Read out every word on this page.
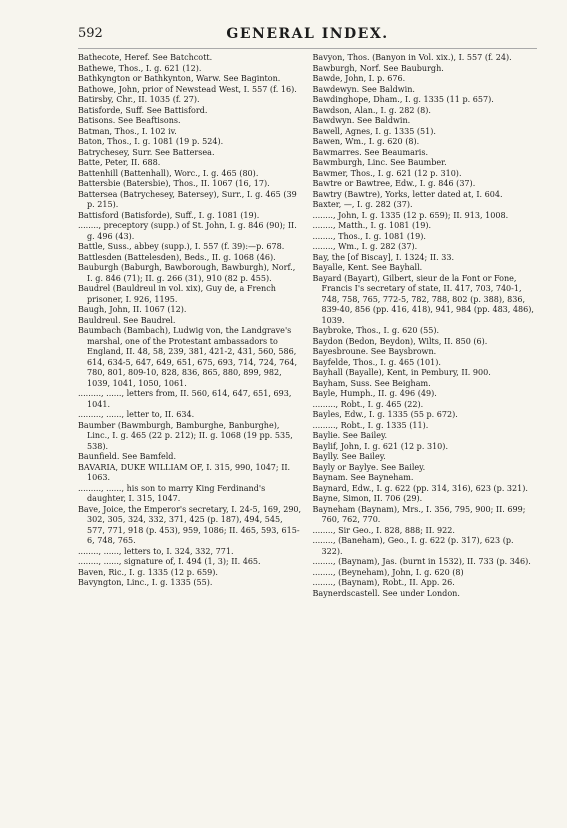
592	GENERAL INDEX.

Bathecote, Heref. See Batchcott.

Bathewe, Thos., I. g. 621 (12).

Bathkyngton or Bathkynton, Warw. See Baginton.

Bathowe, John, prior of Newstead West, I. 557 (f. 16).

Batirsby, Chr., II. 1035 (f. 27).

Batisforde, Suff. See Battisford.

Batisons. See Beaftisons.

Batman, Thos., I. 102 iv.

Baton, Thos., I. g. 1081 (19 p. 524).

Batrychesey, Surr. See Battersea.

Batte, Peter, II. 688.

Battenhill (Battenhall), Worc., I. g. 465 (80).

Battersbie (Batersbie), Thos., II. 1067 (16, 17).

Battersea (Batrychesey, Batersey), Surr., I. g. 465 (39 p. 215).

Battisford (Batisforde), Suff., I. g. 1081 (19).

........, preceptory (supp.) of St. John, I. g. 846 (90); II. g. 496 (43).

Battle, Suss., abbey (supp.), I. 557 (f. 39):—p. 678.

Battlesden (Battelesden), Beds., II. g. 1068 (46).

Bauburgh (Baburgh, Bawborough, Bawburgh), Norf., I. g. 846 (71); II. g. 266 (31), 910 (82 p. 455).

Baudrel (Bauldreul in vol. xix), Guy de, a French prisoner, I. 926, 1195.

Baugh, John, II. 1067 (12).

Bauldreul. See Baudrel.

Baumbach (Bambach), Ludwig von, the Landgrave's marshal, one of the Protestant ambassadors to England, II. 48, 58, 239, 381, 421-2, 431, 560, 586, 614, 634-5, 647, 649, 651, 675, 693, 714, 724, 764, 780, 801, 809-10, 828, 836, 865, 880, 899, 982, 1039, 1041, 1050, 1061.

........., ......, letters from, II. 560, 614, 647, 651, 693, 1041.

........., ......, letter to, II. 634.

Baumber (Bawmburgh, Bamburghe, Banburghe), Linc., I. g. 465 (22 p. 212); II. g. 1068 (19 pp. 535, 538).

Baunfield. See Bamfeld.

BAVARIA, DUKE WILLIAM OF, I. 315, 990, 1047; II. 1063.

........., ......, his son to marry King Ferdinand's daughter, I. 315, 1047.

Bave, Joice, the Emperor's secretary, I. 24-5, 169, 290, 302, 305, 324, 332, 371, 425 (p. 187), 494, 545, 577, 771, 918 (p. 453), 959, 1086; II. 465, 593, 615-6, 748, 765.

........, ......, letters to, I. 324, 332, 771.

........, ......, signature of, I. 494 (1, 3); II. 465.

Baven, Ric., I. g. 1335 (12 p. 659).

Bavyngton, Linc., I. g. 1335 (55).

Bavyon, Thos. (Banyon in Vol. xix.), I. 557 (f. 24).

Bawburgh, Norf. See Bauburgh.

Bawde, John, I. p. 676.

Bawdewyn. See Baldwin.

Bawdinghope, Dham., I. g. 1335 (11 p. 657).

Bawdson, Alan., I. g. 282 (8).

Bawdwyn. See Baldwin.

Bawell, Agnes, I. g. 1335 (51).

Bawen, Wm., I. g. 620 (8).

Bawmarres. See Beaumaris.

Bawmburgh, Linc. See Baumber.

Bawmer, Thos., I. g. 621 (12 p. 310).

Bawtre or Bawtree, Edw., I. g. 846 (37).

Bawtry (Bawtre), Yorks, letter dated at, I. 604.

Baxter, —, I. g. 282 (37).

........, John, I. g. 1335 (12 p. 659); II. 913, 1008.

........, Matth., I. g. 1081 (19).

........, Thos., I. g. 1081 (19).

........, Wm., I. g. 282 (37).

Bay, the [of Biscay], I. 1324; II. 33.

Bayalle, Kent. See Bayhall.

Bayard (Bayart), Gilbert, sieur de la Font or Fone, Francis I's secretary of state, II. 417, 703, 740-1, 748, 758, 765, 772-5, 782, 788, 802 (p. 388), 836, 839-40, 856 (pp. 416, 418), 941, 984 (pp. 483, 486), 1039.

Baybroke, Thos., I. g. 620 (55).

Baydon (Bedon, Beydon), Wilts, II. 850 (6).

Bayesbroune. See Baysbrown.

Bayfelde, Thos., I. g. 465 (101).

Bayhall (Bayalle), Kent, in Pembury, II. 900.

Bayham, Suss. See Beigham.

Bayle, Humph., II. g. 496 (49).

........., Robt., I. g. 465 (22).

Bayles, Edw., I. g. 1335 (55 p. 672).

........., Robt., I. g. 1335 (11).

Baylie. See Bailey.

Baylif, John, I. g. 621 (12 p. 310).

Baylly. See Bailey.

Bayly or Baylye. See Bailey.

Baynam. See Bayneham.

Baynard, Edw., I. g. 622 (pp. 314, 316), 623 (p. 321).

Bayne, Simon, II. 706 (29).

Bayneham (Baynam), Mrs., I. 356, 795, 900; II. 699; 760, 762, 770.

........, Sir Geo., I. 828, 888; II. 922.

........, (Baneham), Geo., I. g. 622 (p. 317), 623 (p. 322).

........, (Baynam), Jas. (burnt in 1532), II. 733 (p. 346).

........, (Beyneham), John, I. g. 620 (8)

........, (Baynam), Robt., II. App. 26.

Baynerdscastell. See under London.
